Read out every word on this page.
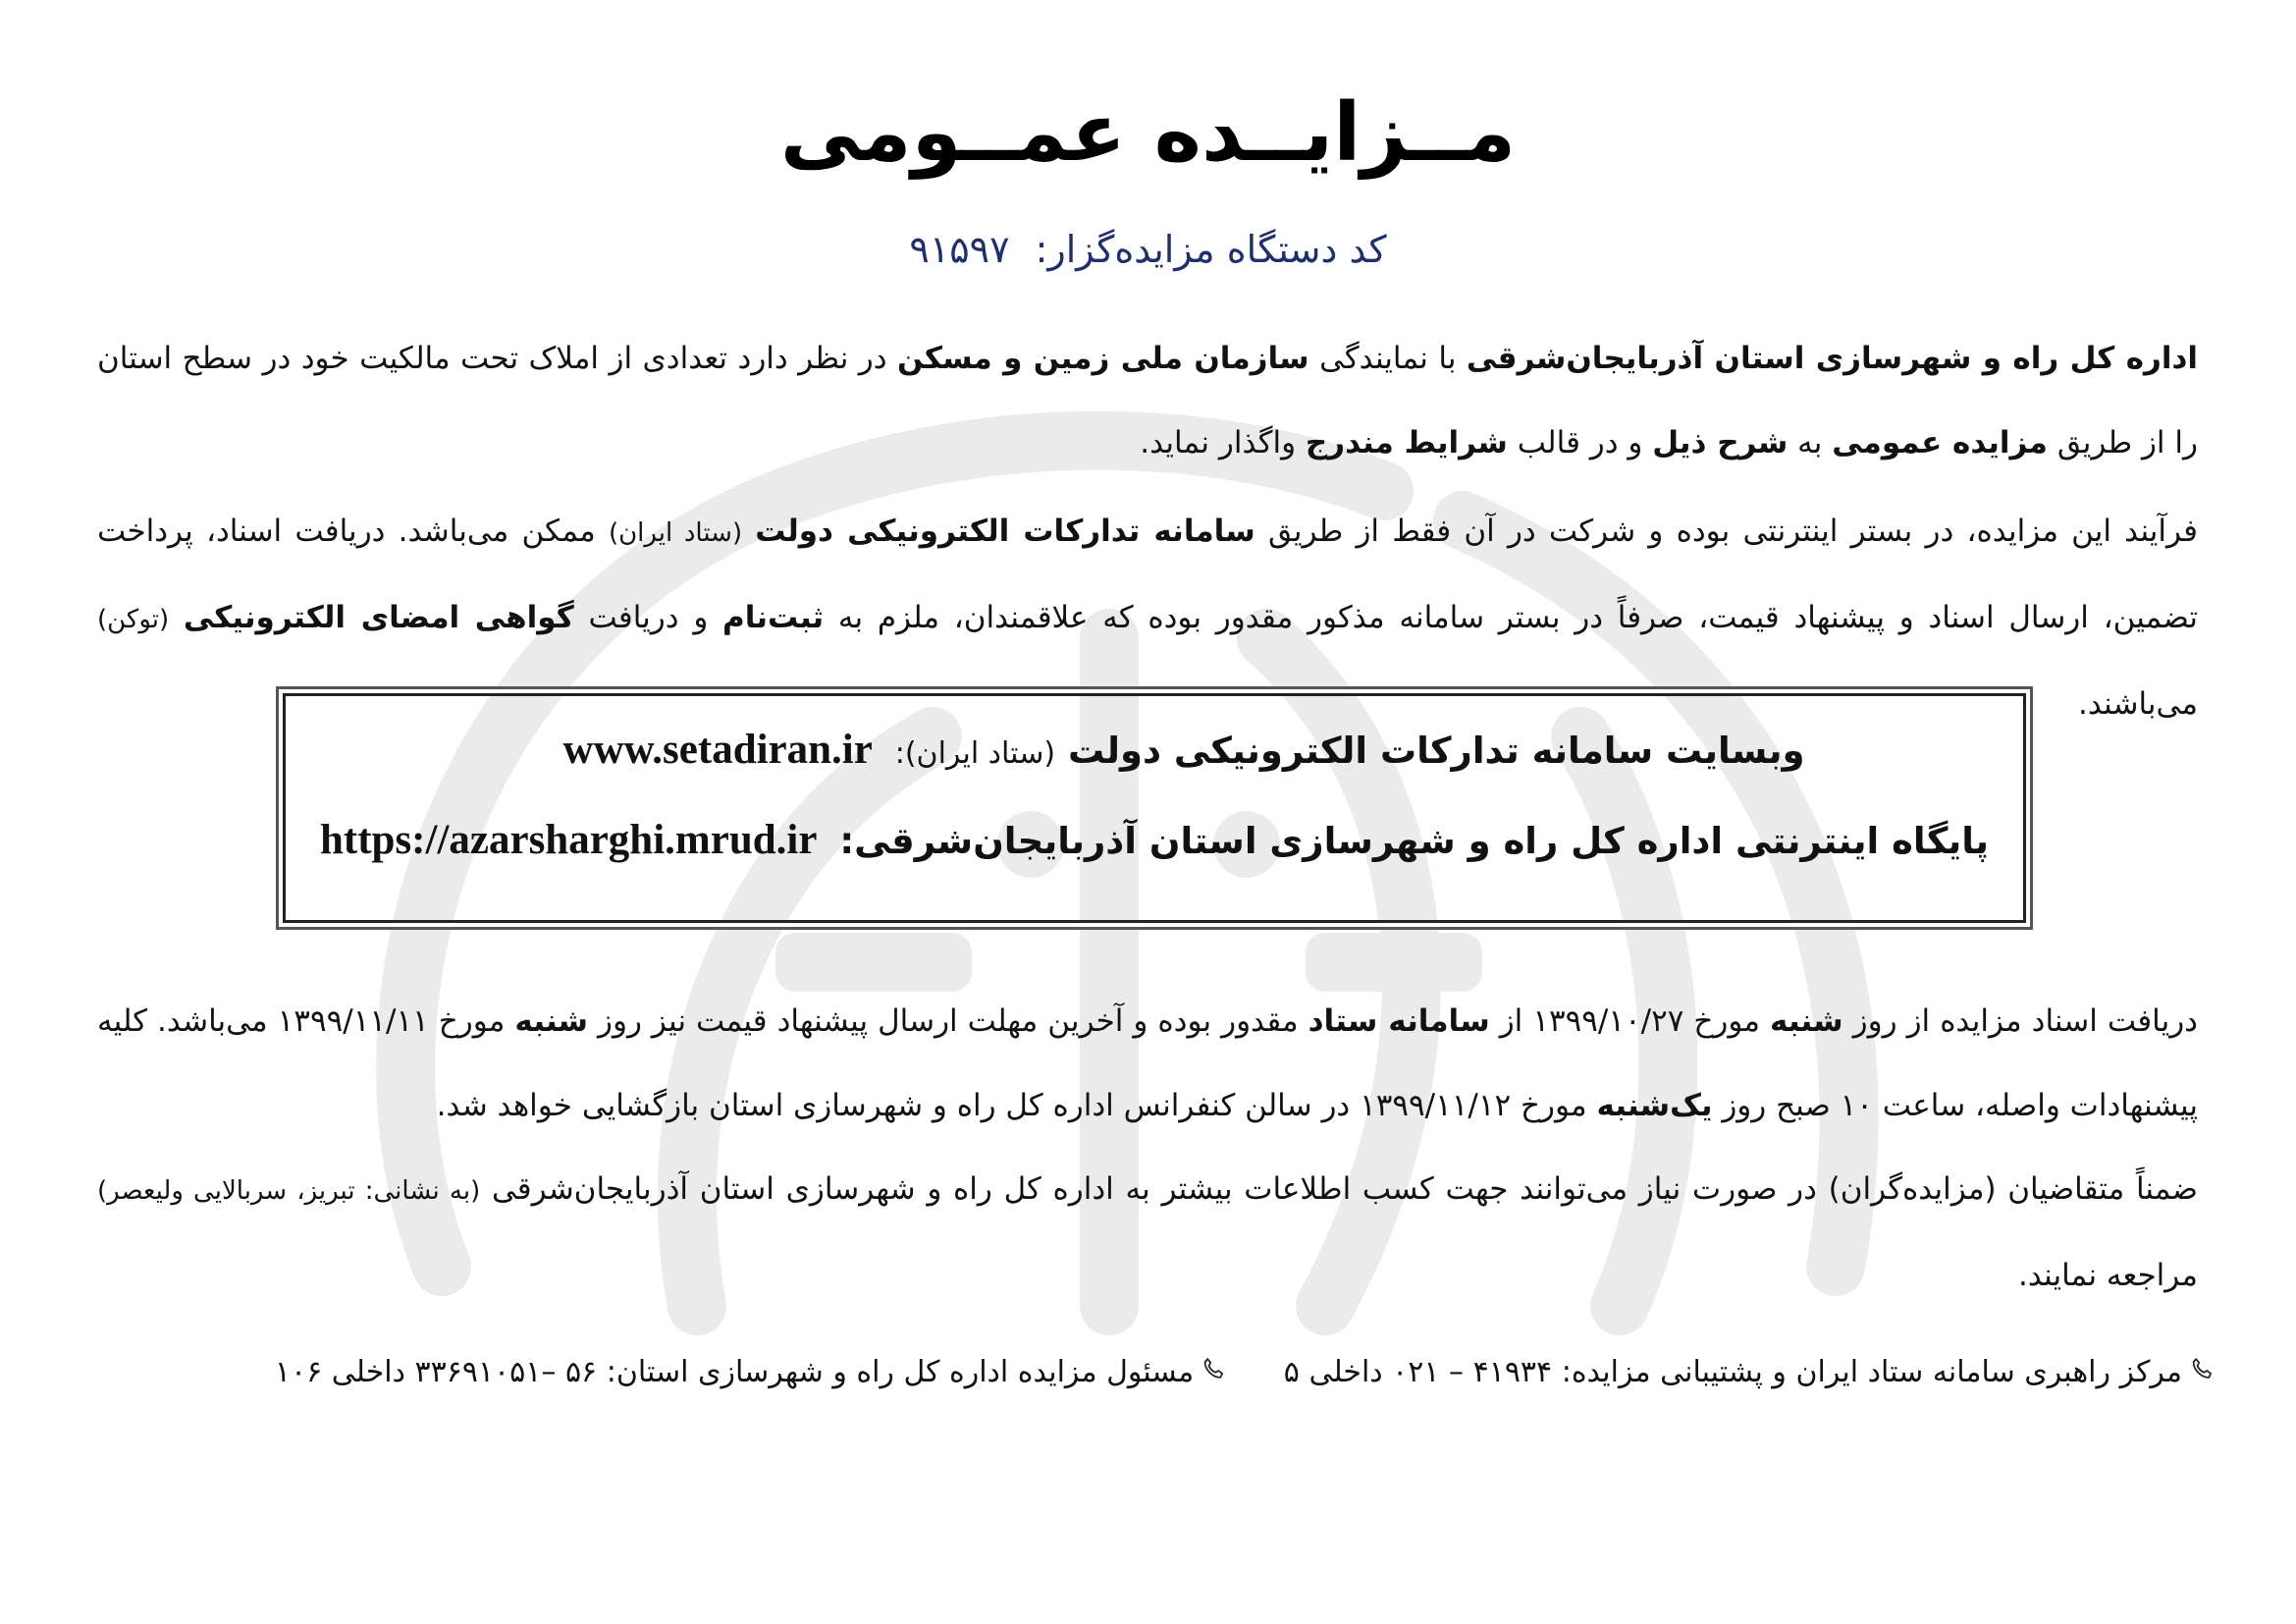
مــزایــده عمــومی
کد دستگاه مزایده‌گزار: ۹۱۵۹۷
اداره کل راه و شهرسازی استان آذربایجان‌شرقی با نمایندگی سازمان ملی زمین و مسکن در نظر دارد تعدادی از املاک تحت مالکیت خود در سطح استان را از طریق مزایده عمومی به شرح ذیل و در قالب شرایط مندرج واگذار نماید.
فرآیند این مزایده، در بستر اینترنتی بوده و شرکت در آن فقط از طریق سامانه تدارکات الکترونیکی دولت (ستاد ایران) ممکن می‌باشد. دریافت اسناد، پرداخت تضمین، ارسال اسناد و پیشنهاد قیمت، صرفاً در بستر سامانه مذکور مقدور بوده که علاقمندان، ملزم به ثبت‌نام و دریافت گواهی امضای الکترونیکی (توکن) می‌باشند.
وبسایت سامانه تدارکات الکترونیکی دولت (ستاد ایران): www.setadiran.ir
پایگاه اینترنتی اداره کل راه و شهرسازی استان آذربایجان‌شرقی: https://azarsharghi.mrud.ir
دریافت اسناد مزایده از روز شنبه مورخ ۱۳۹۹/۱۰/۲۷ از سامانه ستاد مقدور بوده و آخرین مهلت ارسال پیشنهاد قیمت نیز روز شنبه مورخ ۱۳۹۹/۱۱/۱۱ می‌باشد. کلیه پیشنهادات واصله، ساعت ۱۰ صبح روز یک‌شنبه مورخ ۱۳۹۹/۱۱/۱۲ در سالن کنفرانس اداره کل راه و شهرسازی استان بازگشایی خواهد شد.
ضمناً متقاضیان (مزایده‌گران) در صورت نیاز می‌توانند جهت کسب اطلاعات بیشتر به اداره کل راه و شهرسازی استان آذربایجان‌شرقی (به نشانی: تبریز، سربالایی ولیعصر) مراجعه نمایند.
مرکز راهبری سامانه ستاد ایران و پشتیبانی مزایده: ۴۱۹۳۴ – ۰۲۱ داخلی ۵ مسئول مزایده اداره کل راه و شهرسازی استان: ۵۶ –۳۳۶۹۱۰۵۱ داخلی ۱۰۶
